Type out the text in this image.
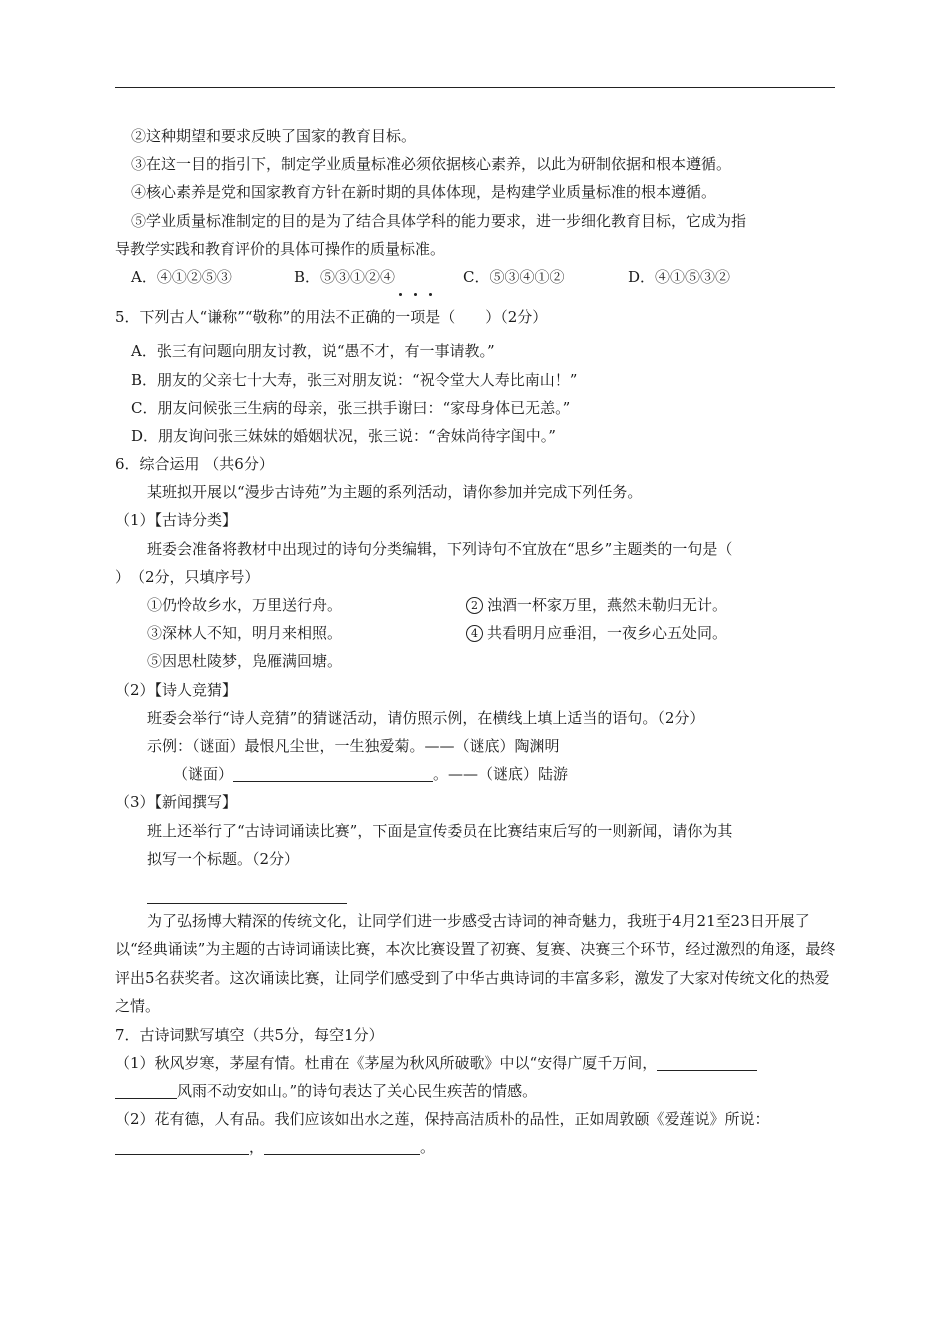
②这种期望和要求反映了国家的教育目标。
③在这一目的指引下，制定学业质量标准必须依据核心素养，以此为研制依据和根本遵循。
④核心素养是党和国家教育方针在新时期的具体体现，是构建学业质量标准的根本遵循。
⑤学业质量标准制定的目的是为了结合具体学科的能力要求，进一步细化教育目标，它成为指
导教学实践和教育评价的具体可操作的质量标准。
A．④①②⑤③	B．⑤③①②④	C．⑤③④①②	D．④①⑤③②
5．下列古人“谦称”“敬称”的用法不正确的一项是（　　）（2分）
A．张三有问题向朋友讨教，说“愚不才，有一事请教。”
B．朋友的父亲七十大寿，张三对朋友说：“祝令堂大人寿比南山！”
C．朋友问候张三生病的母亲，张三拱手谢曰：“家母身体已无恙。”
D．朋友询问张三妹妹的婚姻状况，张三说：“舍妹尚待字闺中。”
6．综合运用 （共6分）
某班拟开展以“漫步古诗苑”为主题的系列活动，请你参加并完成下列任务。
（1）【古诗分类】
班委会准备将教材中出现过的诗句分类编辑，下列诗句不宜放在“思乡”主题类的一句是（
）　（2分，只填序号）
①仍怜故乡水，万里送行舟。	2 浊酒一杯家万里，燕然未勒归无计。
③深林人不知，明月来相照。	4 共看明月应垂泪，一夜乡心五处同。
⑤因思杜陵梦，凫雁满回塘。
（2）【诗人竞猜】
班委会举行“诗人竞猜”的猜谜活动，请仿照示例，在横线上填上适当的语句。（2分）
示例：（谜面）最恨凡尘世，一生独爱菊。——（谜底）陶渊明
（谜面）	。——（谜底）陆游
（3）【新闻撰写】
班上还举行了“古诗词诵读比赛”，下面是宣传委员在比赛结束后写的一则新闻，请你为其
拟写一个标题。（2分）
为了弘扬博大精深的传统文化，让同学们进一步感受古诗词的神奇魅力，我班于4月21至23日开展了以“经典诵读”为主题的古诗词诵读比赛，本次比赛设置了初赛、复赛、决赛三个环节，经过激烈的角逐，最终评出5名获奖者。这次诵读比赛，让同学们感受到了中华古典诗词的丰富多彩，激发了大家对传统文化的热爱之情。
7．古诗词默写填空（共5分，每空1分）
（1）秋风岁寒，茅屋有情。杜甫在《茅屋为秋风所破歌》中以“安得广厦千万间，
风雨不动安如山。”的诗句表达了关心民生疾苦的情感。
（2）花有德，人有品。我们应该如出水之莲，保持高洁质朴的品性，正如周敦颐《爱莲说》所说：
，	。
